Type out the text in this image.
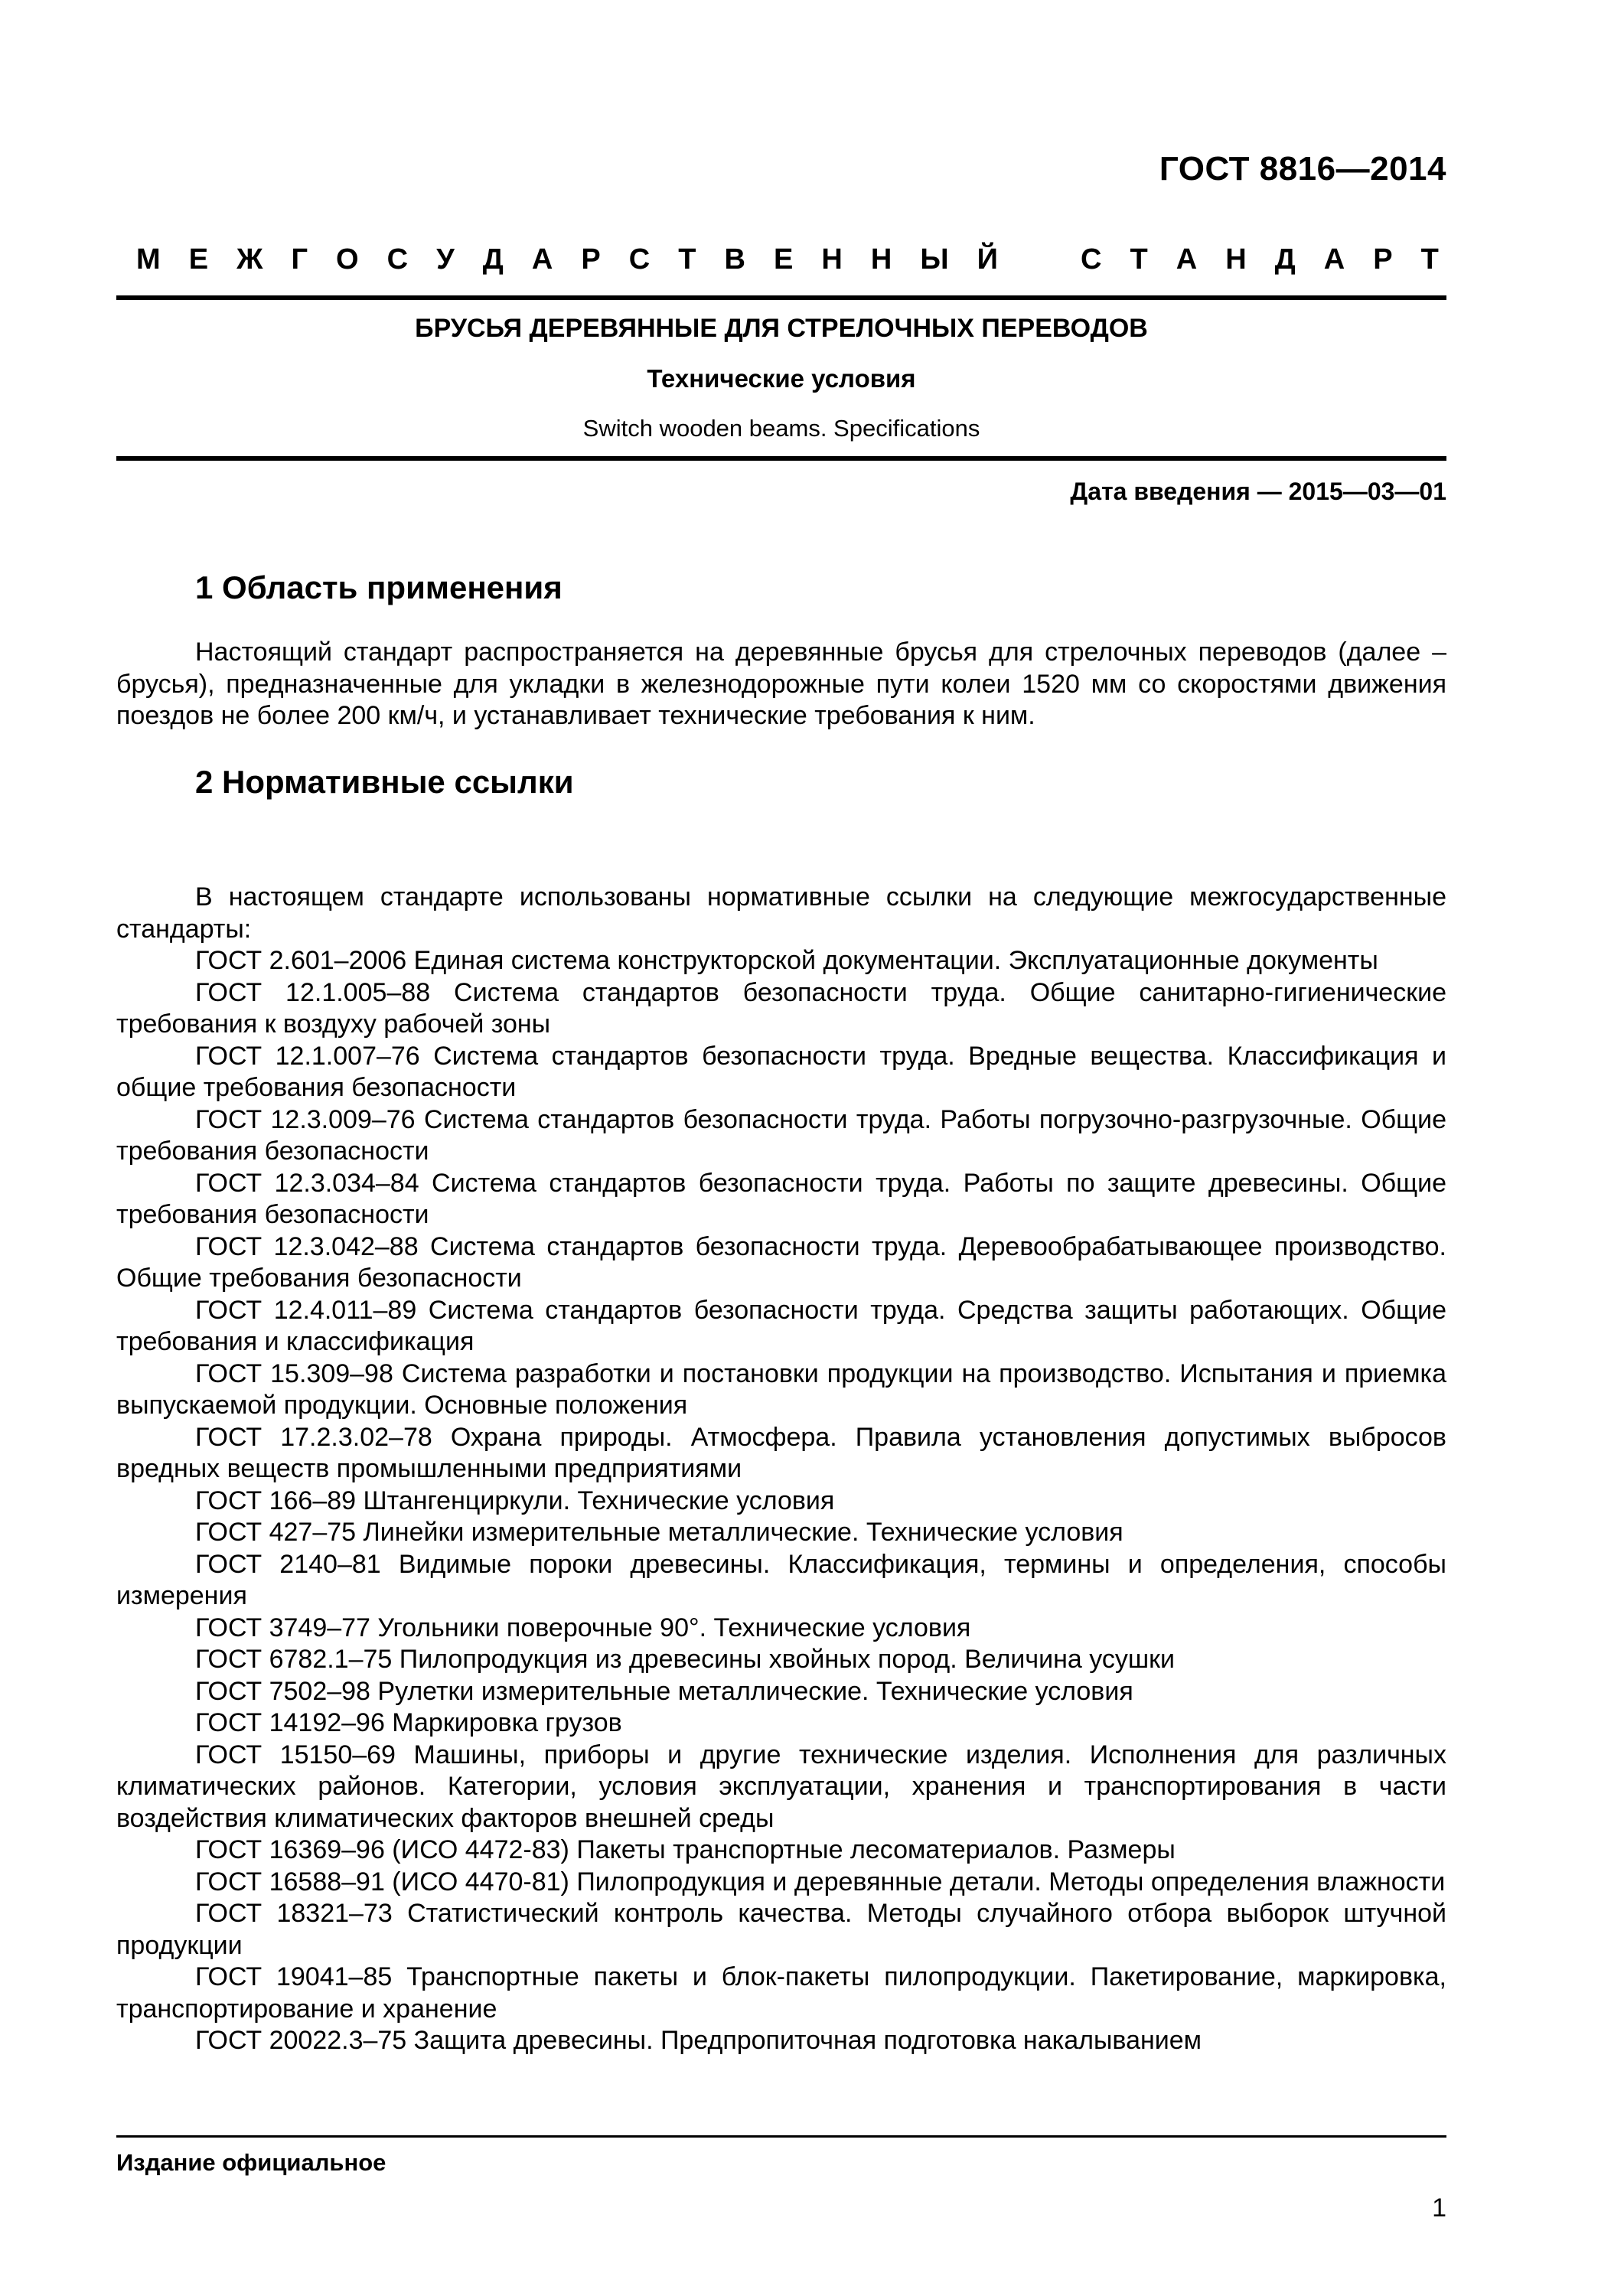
ГОСТ 8816—2014
М Е Ж Г О С У Д А Р С Т В Е Н Н Ы Й	С Т А Н Д А Р Т
БРУСЬЯ ДЕРЕВЯННЫЕ ДЛЯ СТРЕЛОЧНЫХ ПЕРЕВОДОВ
Технические условия
Switch wooden beams. Specifications
Дата введения — 2015—03—01
1 Область применения
Настоящий стандарт распространяется на деревянные брусья для стрелочных переводов (далее – брусья), предназначенные для укладки в железнодорожные пути колеи 1520 мм со скоростями движения поездов не более 200 км/ч, и устанавливает технические требования к ним.
2 Нормативные ссылки
В настоящем стандарте использованы нормативные ссылки на следующие межгосударственные стандарты:
ГОСТ 2.601–2006 Единая система конструкторской документации. Эксплуатационные документы
ГОСТ 12.1.005–88 Система стандартов безопасности труда. Общие санитарно-гигиенические требования к воздуху рабочей зоны
ГОСТ 12.1.007–76 Система стандартов безопасности труда. Вредные вещества. Классификация и общие требования безопасности
ГОСТ 12.3.009–76 Система стандартов безопасности труда. Работы погрузочно-разгрузочные. Общие требования безопасности
ГОСТ 12.3.034–84 Система стандартов безопасности труда. Работы по защите древесины. Общие требования безопасности
ГОСТ 12.3.042–88 Система стандартов безопасности труда. Деревообрабатывающее производство. Общие требования безопасности
ГОСТ 12.4.011–89 Система стандартов безопасности труда. Средства защиты работающих. Общие требования и классификация
ГОСТ 15.309–98 Система разработки и постановки продукции на производство. Испытания и приемка выпускаемой продукции. Основные положения
ГОСТ 17.2.3.02–78 Охрана природы. Атмосфера. Правила установления допустимых выбросов вредных веществ промышленными предприятиями
ГОСТ 166–89 Штангенциркули. Технические условия
ГОСТ 427–75 Линейки измерительные металлические. Технические условия
ГОСТ 2140–81 Видимые пороки древесины. Классификация, термины и определения, способы измерения
ГОСТ 3749–77 Угольники поверочные 90°. Технические условия
ГОСТ 6782.1–75 Пилопродукция из древесины хвойных пород. Величина усушки
ГОСТ 7502–98 Рулетки измерительные металлические. Технические условия
ГОСТ 14192–96 Маркировка грузов
ГОСТ 15150–69 Машины, приборы и другие технические изделия. Исполнения для различных климатических районов. Категории, условия эксплуатации, хранения и транспортирования в части воздействия климатических факторов внешней среды
ГОСТ 16369–96 (ИСО 4472-83) Пакеты транспортные лесоматериалов. Размеры
ГОСТ 16588–91 (ИСО 4470-81) Пилопродукция и деревянные детали. Методы определения влажности
ГОСТ 18321–73 Статистический контроль качества. Методы случайного отбора выборок штучной продукции
ГОСТ 19041–85 Транспортные пакеты и блок-пакеты пилопродукции. Пакетирование, маркировка, транспортирование и хранение
ГОСТ 20022.3–75 Защита древесины. Предпропиточная подготовка накалыванием
Издание официальное
1
